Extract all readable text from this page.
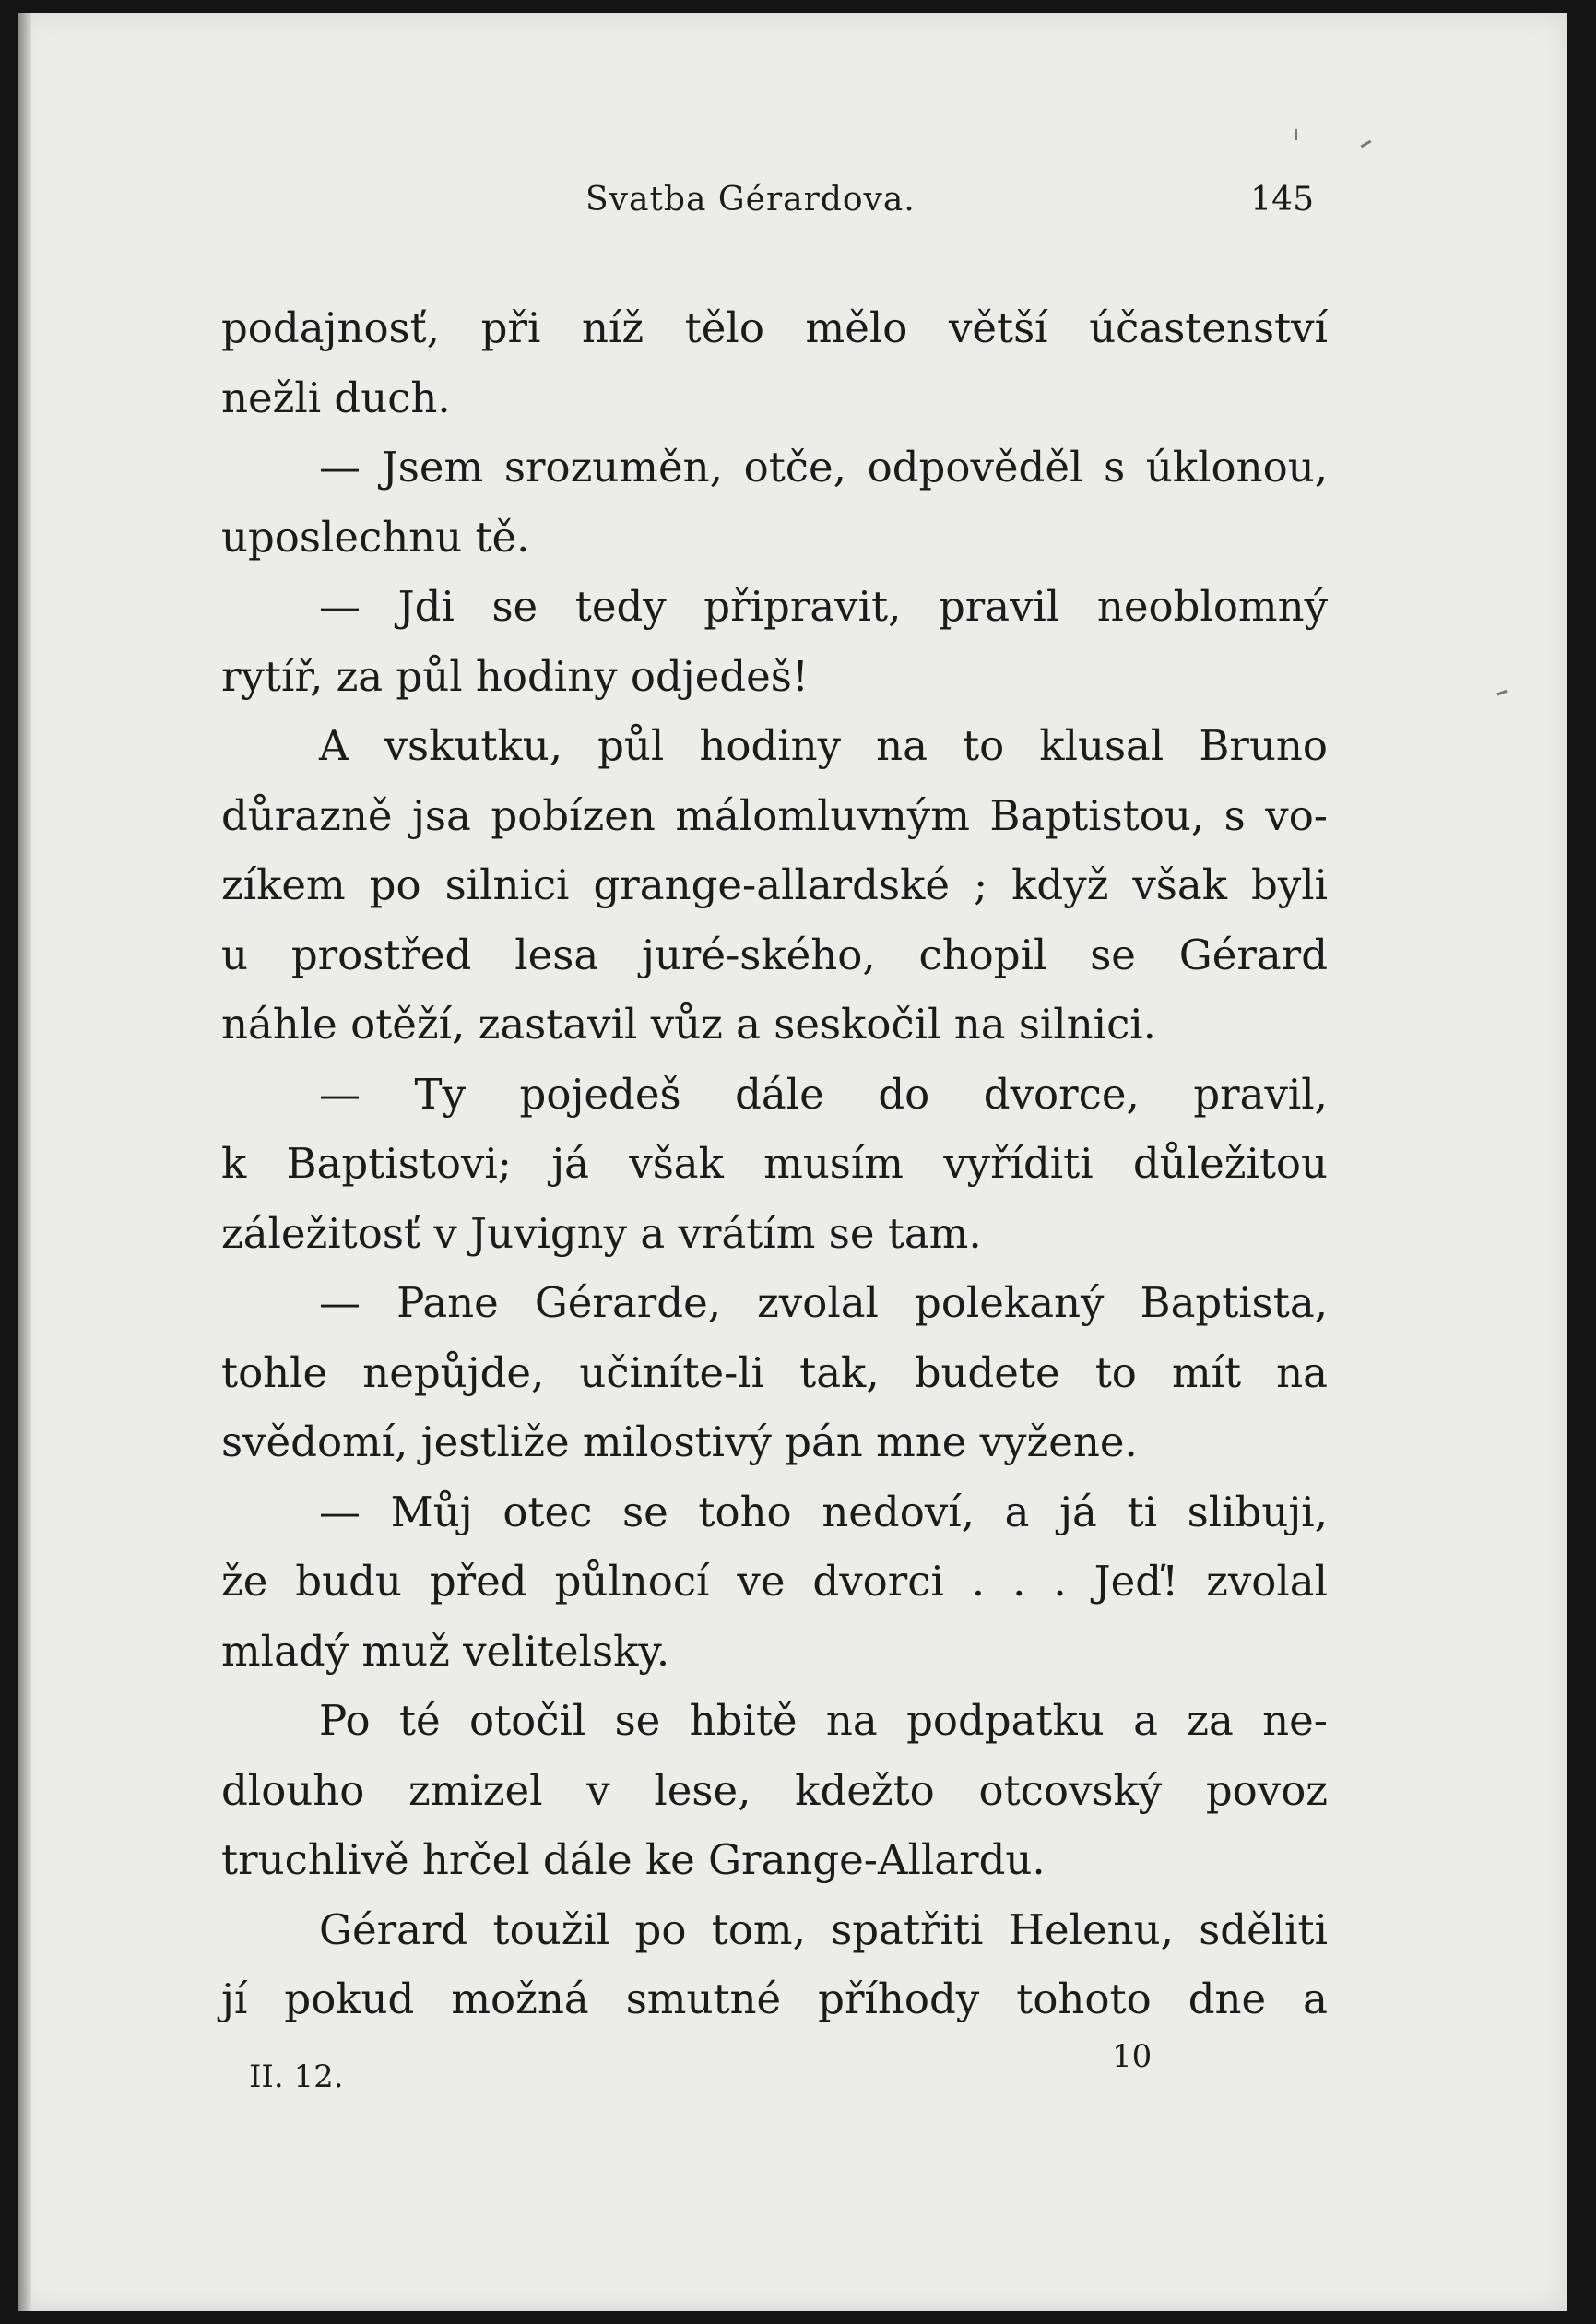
Svatba Gérardova.	145
podajnosť, při níž tělo mělo větší účastenství
nežli duch.
— Jsem srozuměn, otče, odpověděl s úklonou,
uposlechnu tě.
— Jdi se tedy připravit, pravil neoblomný
rytíř, za půl hodiny odjedeš!
A vskutku, půl hodiny na to klusal Bruno
důrazně jsa pobízen málomluvným Baptistou, s vo-
zíkem po silnici grange-allardské ; když však byli
u prostřed lesa juré-ského, chopil se Gérard
náhle otěží, zastavil vůz a seskočil na silnici.
— Ty pojedeš dále do dvorce, pravil,
k Baptistovi; já však musím vyříditi důležitou
záležitosť v Juvigny a vrátím se tam.
— Pane Gérarde, zvolal polekaný Baptista,
tohle nepůjde, učiníte-li tak, budete to mít na
svědomí, jestliže milostivý pán mne vyžene.
— Můj otec se toho nedoví, a já ti slibuji,
že budu před půlnocí ve dvorci . . . Jeď! zvolal
mladý muž velitelsky.
Po té otočil se hbitě na podpatku a za ne-
dlouho zmizel v lese, kdežto otcovský povoz
truchlivě hrčel dále ke Grange-Allardu.
Gérard toužil po tom, spatřiti Helenu, sděliti
jí pokud možná smutné příhody tohoto dne a
II. 12.
10
